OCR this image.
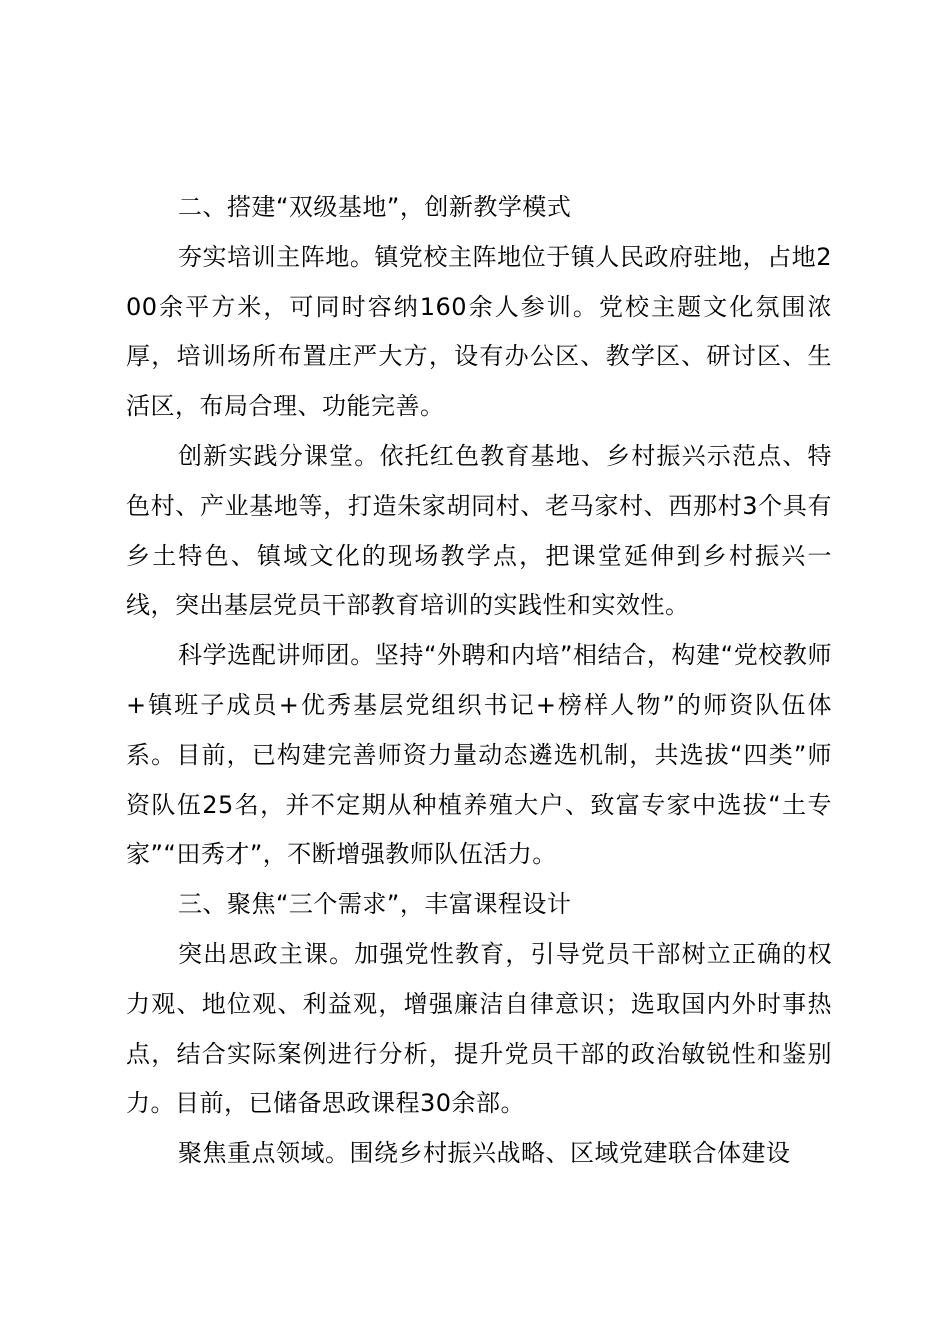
二、搭建“双级基地”，创新教学模式

夯实培训主阵地。镇党校主阵地位于镇人民政府驻地，占地200余平方米，可同时容纳160余人参训。党校主题文化氛围浓厚，培训场所布置庄严大方，设有办公区、教学区、研讨区、生活区，布局合理、功能完善。

创新实践分课堂。依托红色教育基地、乡村振兴示范点、特色村、产业基地等，打造朱家胡同村、老马家村、西那村3个具有乡土特色、镇域文化的现场教学点，把课堂延伸到乡村振兴一线，突出基层党员干部教育培训的实践性和实效性。

科学选配讲师团。坚持“外聘和内培”相结合，构建“党校教师+镇班子成员+优秀基层党组织书记+榜样人物”的师资队伍体系。目前，已构建完善师资力量动态遴选机制，共选拔“四类”师资队伍25名，并不定期从种植养殖大户、致富专家中选拔“土专家”“田秀才”，不断增强教师队伍活力。

三、聚焦“三个需求”，丰富课程设计

突出思政主课。加强党性教育，引导党员干部树立正确的权力观、地位观、利益观，增强廉洁自律意识；选取国内外时事热点，结合实际案例进行分析，提升党员干部的政治敏锐性和鉴别力。目前，已储备思政课程30余部。

聚焦重点领域。围绕乡村振兴战略、区域党建联合体建设
